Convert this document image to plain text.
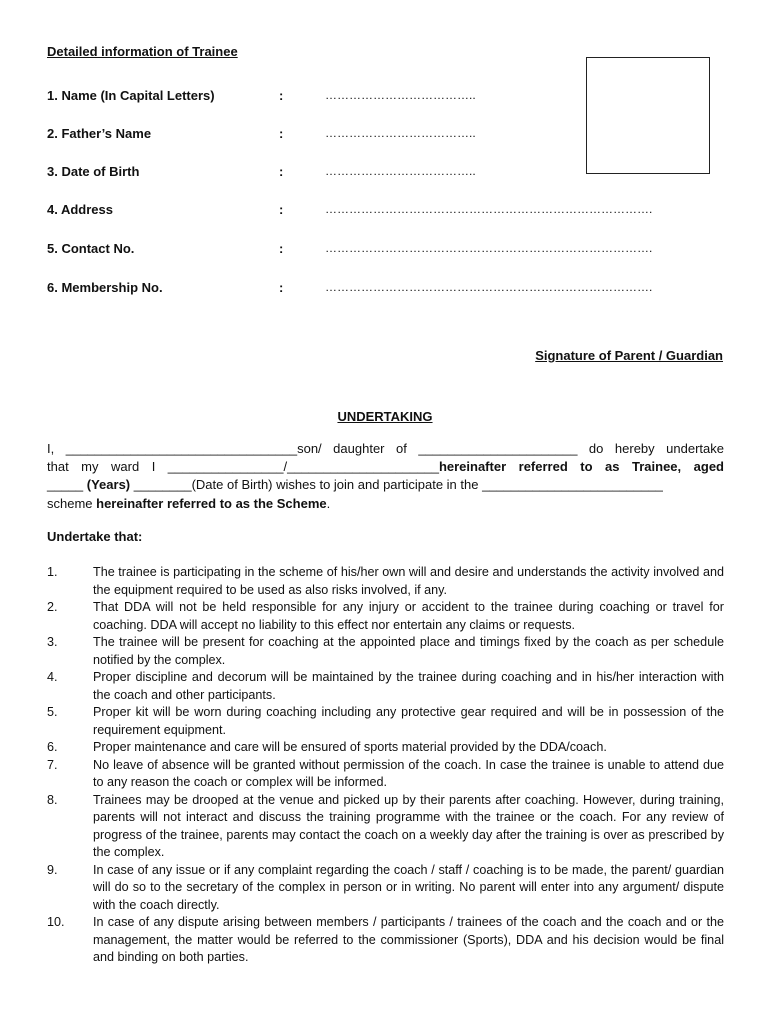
Detailed information of Trainee
1. Name (In Capital Letters)	:	………………………………..
2. Father’s Name	:	………………………………..
3. Date of Birth	:	………………………………..
4. Address	:	……………………………………………………………………….
5. Contact No.	:	……………………………………………………………………….
6. Membership No.	:	……………………………………………………………………….
Signature of Parent / Guardian
UNDERTAKING
I, ________________________________son/ daughter of ______________________ do hereby undertake
that my ward I ________________/_____________________hereinafter referred to as Trainee, aged
_____ (Years) ________(Date of Birth) wishes to join and participate in the _________________________
scheme hereinafter referred to as the Scheme.
Undertake that:
1.	The trainee is participating in the scheme of his/her own will and desire and understands the activity involved and the equipment required to be used as also risks involved, if any.
2.	That DDA will not be held responsible for any injury or accident to the trainee during coaching or travel for coaching. DDA will accept no liability to this effect nor entertain any claims or requests.
3.	The trainee will be present for coaching at the appointed place and timings fixed by the coach as per schedule notified by the complex.
4.	Proper discipline and decorum will be maintained by the trainee during coaching and in his/her interaction with the coach and other participants.
5.	Proper kit will be worn during coaching including any protective gear required and will be in possession of the requirement equipment.
6.	Proper maintenance and care will be ensured of sports material provided by the DDA/coach.
7.	No leave of absence will be granted without permission of the coach. In case the trainee is unable to attend due to any reason the coach or complex will be informed.
8.	Trainees may be drooped at the venue and picked up by their parents after coaching. However, during training, parents will not interact and discuss the training programme with the trainee or the coach. For any review of progress of the trainee, parents may contact the coach on a weekly day after the training is over as prescribed by the complex.
9.	In case of any issue or if any complaint regarding the coach / staff / coaching is to be made, the parent/ guardian will do so to the secretary of the complex in person or in writing. No parent will enter into any argument/ dispute with the coach directly.
10. In case of any dispute arising between members / participants / trainees of the coach and the coach and or the management, the matter would be referred to the commissioner (Sports), DDA and his decision would be final and binding on both parties.
